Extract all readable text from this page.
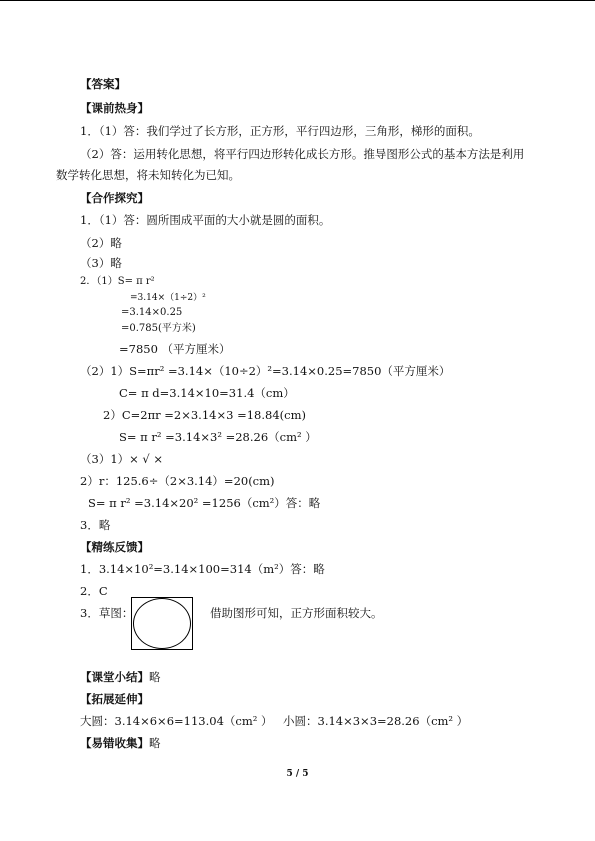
【答案】
【课前热身】
1．（1）答：我们学过了长方形，正方形，平行四边形，三角形，梯形的面积。
（2）答：运用转化思想，将平行四边形转化成长方形。推导图形公式的基本方法是利用
数学转化思想，将未知转化为已知。
【合作探究】
1．（1）答：圆所围成平面的大小就是圆的面积。
（2）略
（3）略
2．（1）S= π r²
=3.14×（1÷2）²
=3.14×0.25
=0.785(平方米)
=7850 （平方厘米）
（2）1）S=πr² =3.14×（10÷2）²=3.14×0.25=7850（平方厘米）
C= π d=3.14×10=31.4（cm）
2）C=2πr =2×3.14×3 =18.84(cm)
S= π r² =3.14×3² =28.26（cm² ）
（3）1）× √ ×
2）r：125.6÷（2×3.14）=20(cm)
S= π r² =3.14×20² =1256（cm²）答：略
3．略
【精练反馈】
1．3.14×10²=3.14×100=314（m²）答：略
2．C
3．草图：	借助图形可知，正方形面积较大。
【课堂小结】略
【拓展延伸】
大圆：3.14×6×6=113.04（cm² ） 小圆：3.14×3×3=28.26（cm² ）
【易错收集】略
5 / 5
